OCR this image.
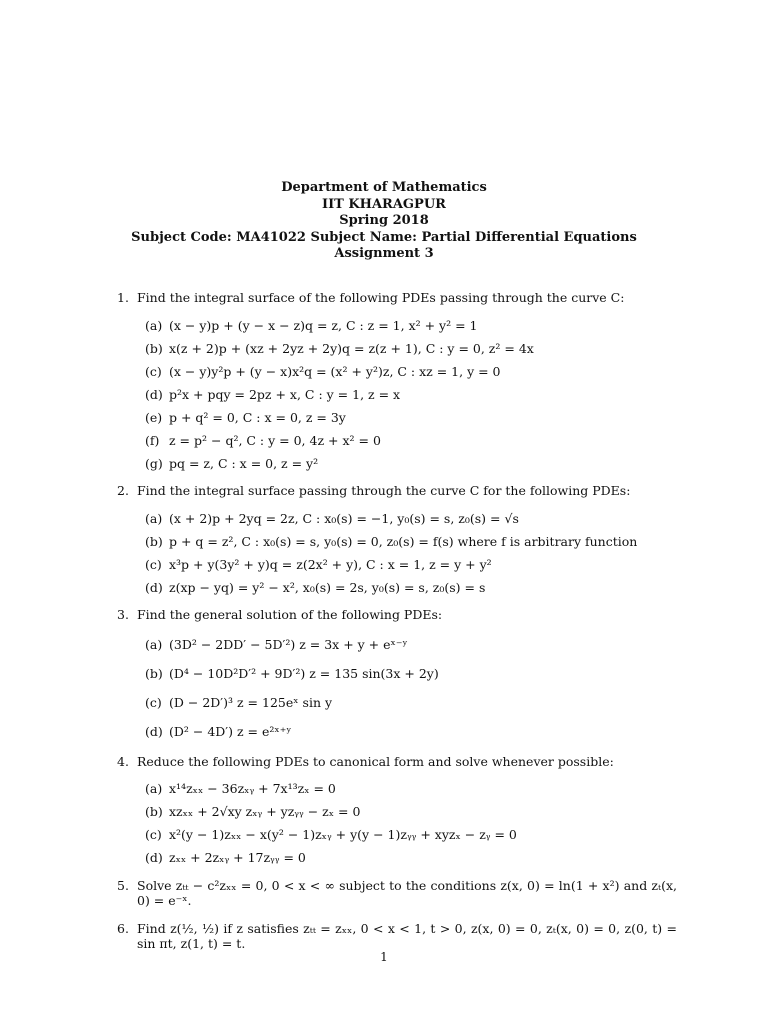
Department of Mathematics
IIT KHARAGPUR
Spring 2018
Subject Code: MA41022 Subject Name: Partial Differential Equations
Assignment 3
1. Find the integral surface of the following PDEs passing through the curve C:
(a) (x − y)p + (y − x − z)q = z, C : z = 1, x² + y² = 1
(b) x(z + 2)p + (xz + 2yz + 2y)q = z(z + 1), C : y = 0, z² = 4x
(c) (x − y)y²p + (y − x)x²q = (x² + y²)z, C : xz = 1, y = 0
(d) p²x + pqy = 2pz + x, C : y = 1, z = x
(e) p + q² = 0, C : x = 0, z = 3y
(f) z = p² − q², C : y = 0, 4z + x² = 0
(g) pq = z, C : x = 0, z = y²
2. Find the integral surface passing through the curve C for the following PDEs:
(a) (x + 2)p + 2yq = 2z, C : x₀(s) = −1, y₀(s) = s, z₀(s) = √s
(b) p + q = z², C : x₀(s) = s, y₀(s) = 0, z₀(s) = f(s) where f is arbitrary function
(c) x³p + y(3y² + y)q = z(2x² + y), C : x = 1, z = y + y²
(d) z(xp − yq) = y² − x², x₀(s) = 2s, y₀(s) = s, z₀(s) = s
3. Find the general solution of the following PDEs:
(a) (3D² − 2DD′ − 5D′²) z = 3x + y + eˣ⁻ʸ
(b) (D⁴ − 10D²D′² + 9D′²) z = 135 sin(3x + 2y)
(c) (D − 2D′)³ z = 125eˣ sin y
(d) (D² − 4D′) z = e²ˣ⁺ʸ
4. Reduce the following PDEs to canonical form and solve whenever possible:
(a) x¹⁴zₓₓ − 36zₓᵧ + 7x¹³zₓ = 0
(b) xzₓₓ + 2√xy zₓᵧ + yzᵧᵧ − zₓ = 0
(c) x²(y − 1)zₓₓ − x(y² − 1)zₓᵧ + y(y − 1)zᵧᵧ + xyzₓ − zᵧ = 0
(d) zₓₓ + 2zₓᵧ + 17zᵧᵧ = 0
5. Solve zₜₜ − c²zₓₓ = 0, 0 < x < ∞ subject to the conditions z(x, 0) = ln(1 + x²) and zₜ(x, 0) = e⁻ˣ.
6. Find z(½, ½) if z satisfies zₜₜ = zₓₓ, 0 < x < 1, t > 0, z(x, 0) = 0, zₜ(x, 0) = 0, z(0, t) = sin πt, z(1, t) = t.
1
